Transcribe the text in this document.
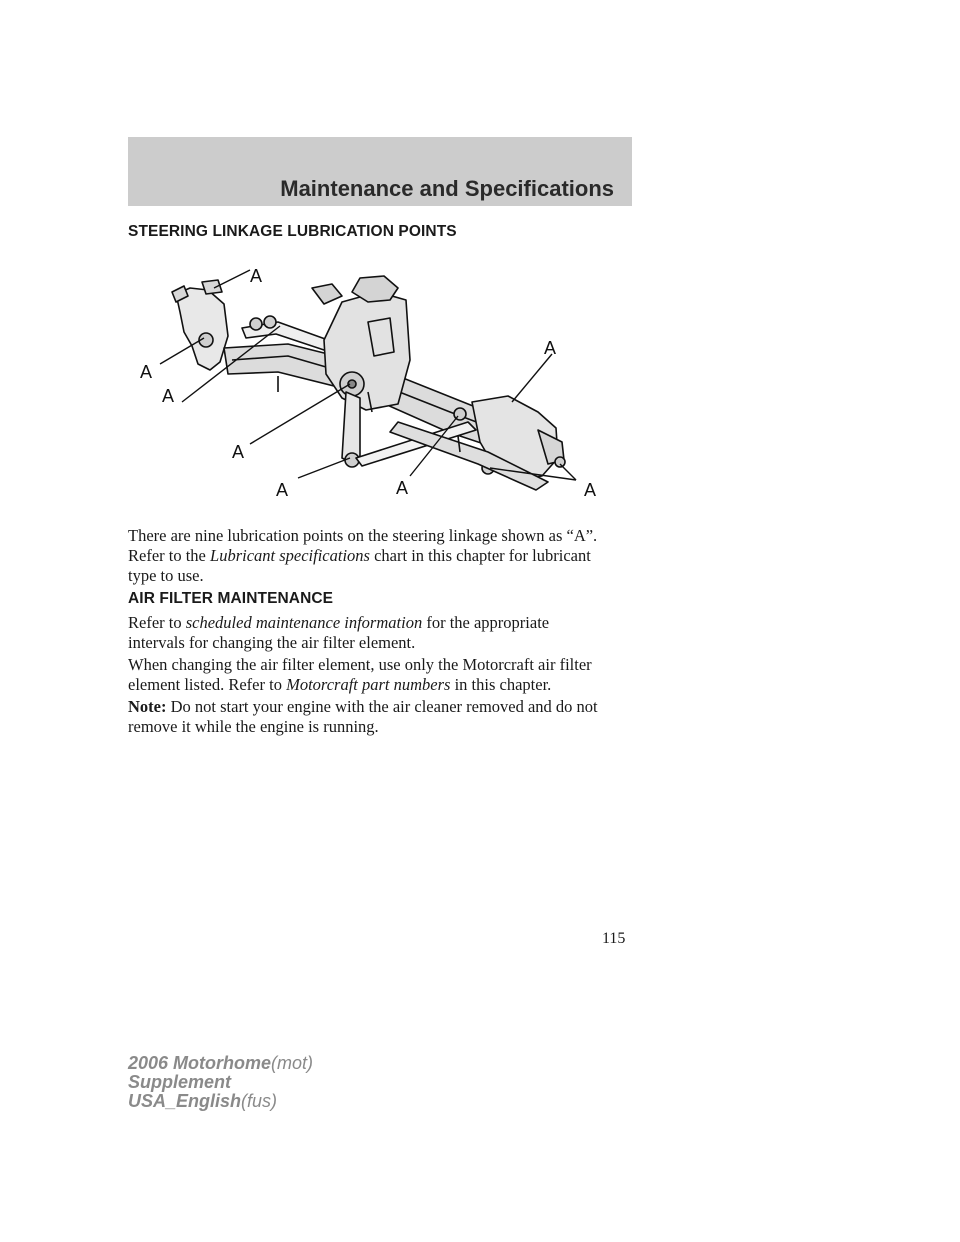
Maintenance and Specifications
STEERING LINKAGE LUBRICATION POINTS
A
A
A
A
A	A
A
A
There are nine lubrication points on the steering linkage shown as “A”.
Refer to the Lubricant specifications chart in this chapter for lubricant
type to use.
AIR FILTER MAINTENANCE
Refer to scheduled maintenance information for the appropriate
intervals for changing the air filter element.
When changing the air filter element, use only the Motorcraft air filter
element listed. Refer to Motorcraft part numbers in this chapter.
Note: Do not start your engine with the air cleaner removed and do not
remove it while the engine is running.
115
2006 Motorhome(mot)
Supplement
USA_English(fus)
